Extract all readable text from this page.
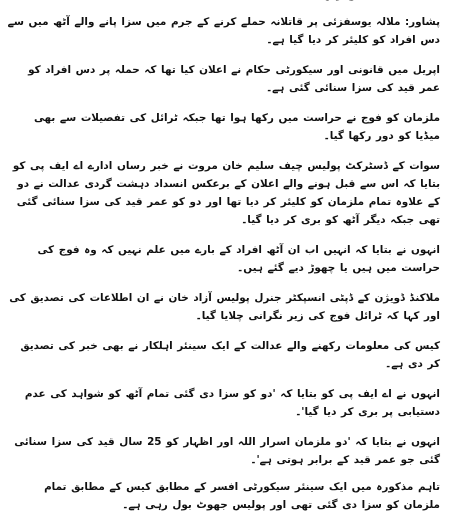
پشاور: ملالہ یوسفزئی پر قاتلانہ حملے کرنے کے جرم میں سزا پانے والے آٹھ میں سے دس افراد کو کلیئر کر دیا گیا ہے۔

اپریل میں قانونی اور سیکورٹی حکام نے اعلان کیا تھا کہ حملہ پر دس افراد کو عمر قید کی سزا سنائی گئی ہے۔

ملزمان کو فوج نے حراست میں رکھا ہوا تھا جبکہ ٹرائل کی تفصیلات سے بھی میڈیا کو دور رکھا گیا۔

سوات کے ڈسٹرکٹ پولیس چیف سلیم خان مروت نے خبر رساں ادارے اے ایف پی کو بتایا کہ اس سے قبل ہونے والے اعلان کے برعکس انسداد دہشت گردی عدالت نے دو کے علاوہ تمام ملزمان کو کلیئر کر دیا تھا اور دو کو عمر قید کی سزا سنائی گئی تھی جبکہ دیگر آٹھ کو بری کر دیا گیا۔

انہوں نے بتایا کہ انہیں اب ان آٹھ افراد کے بارے میں علم نہیں کہ وہ فوج کی حراست میں ہیں یا چھوڑ دیے گئے ہیں۔

ملاکنڈ ڈویژن کے ڈپٹی انسپکٹر جنرل پولیس آزاد خان نے ان اطلاعات کی تصدیق کی اور کہا کہ ٹرائل فوج کی زیر نگرانی چلایا گیا۔

کیس کی معلومات رکھنے والے عدالت کے ایک سینئر اہلکار نے بھی خبر کی تصدیق کر دی ہے۔

انہوں نے اے ایف پی کو بتایا کہ 'دو کو سزا دی گئی تمام آٹھ کو شواہد کی عدم دستیابی پر بری کر دیا گیا'۔

انہوں نے بتایا کہ 'دو ملزمان اسرار اللہ اور اظہار کو 25 سال قید کی سزا سنائی گئی جو عمر قید کے برابر ہوتی ہے'۔

تاہم مذکورہ میں ایک سینئر سیکورٹی افسر کے مطابق کیس کے مطابق تمام ملزمان کو سزا دی گئی تھی اور پولیس جھوٹ بول رہی ہے۔
